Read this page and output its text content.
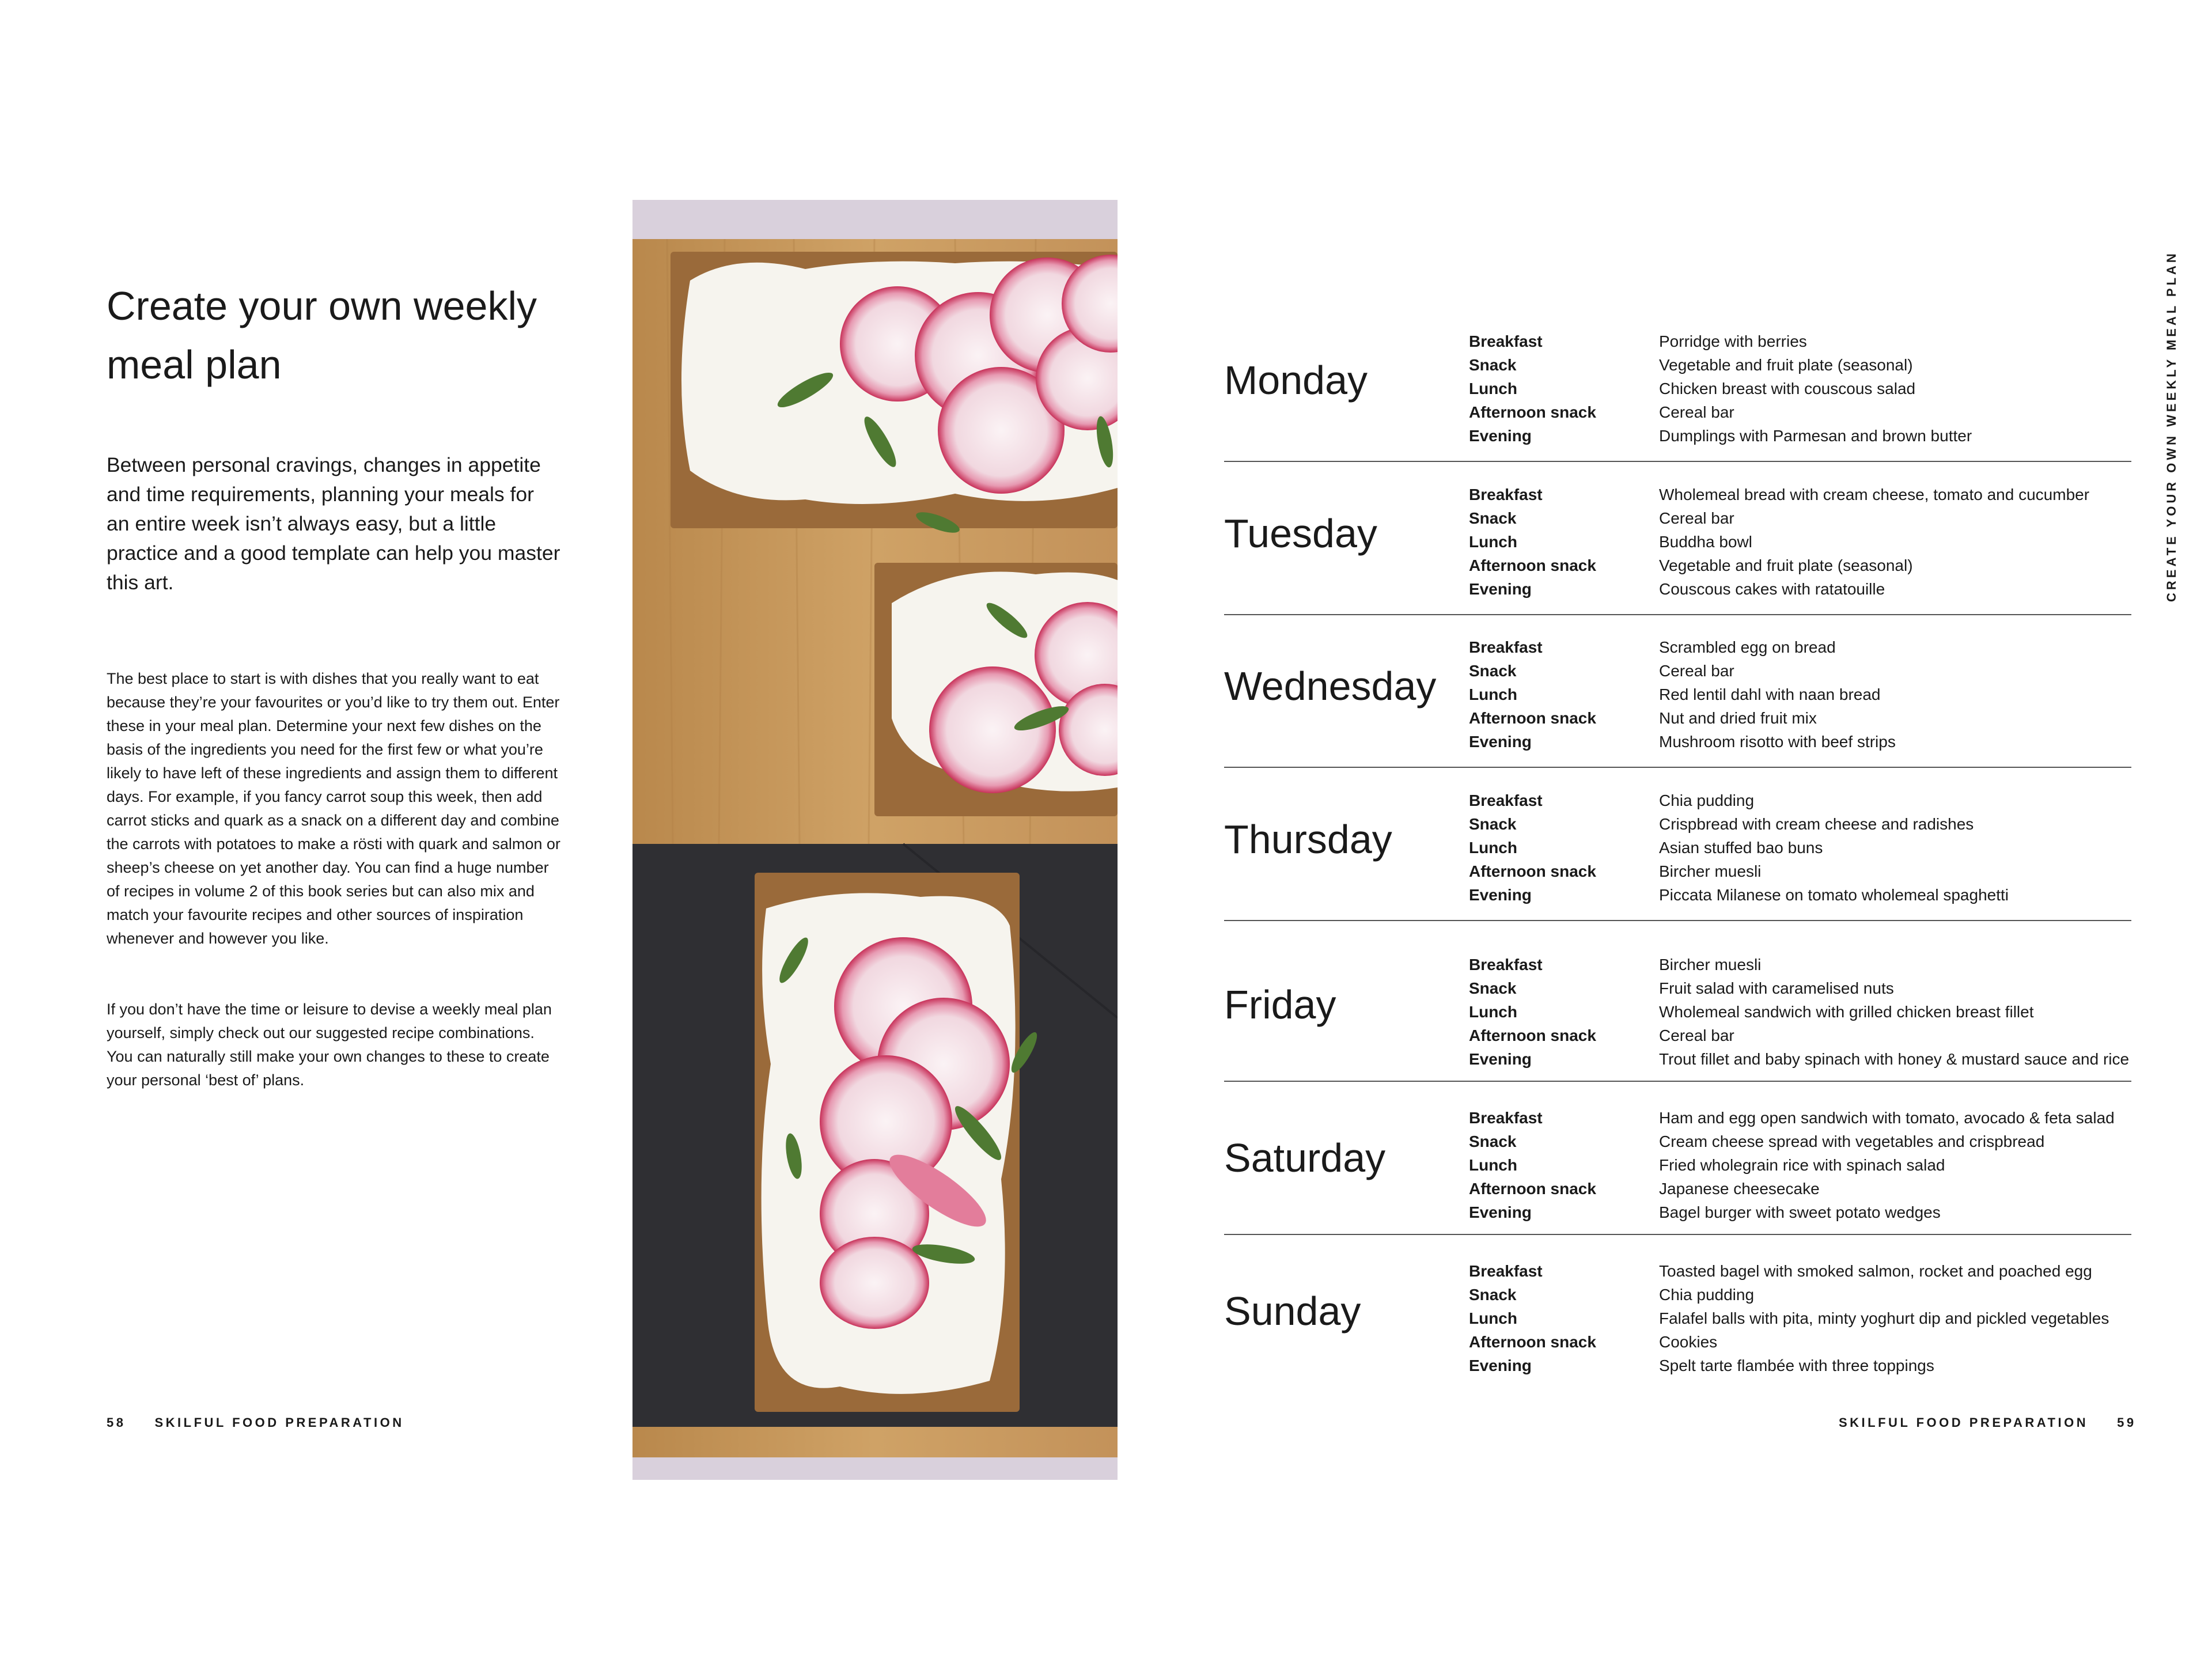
Create your own weekly
meal plan
Between personal cravings, changes in appetite and time requirements, planning your meals for an entire week isn’t always easy, but a little practice and a good template can help you master this art.
The best place to start is with dishes that you really want to eat because they’re your favourites or you’d like to try them out. Enter these in your meal plan. Determine your next few dishes on the basis of the ingredients you need for the first few or what you’re likely to have left of these ingredients and assign them to different days. For example, if you fancy carrot soup this week, then add carrot sticks and quark as a snack on a different day and combine the carrots with potatoes to make a rösti with quark and salmon or sheep’s cheese on yet another day. You can find a huge number of recipes in volume 2 of this book series but can also mix and match your favourite recipes and other sources of inspiration whenever and however you like.
If you don’t have the time or leisure to devise a weekly meal plan yourself, simply check out our suggested recipe combinations. You can naturally still make your own changes to these to create your personal ‘best of’ plans.
58 SKILFUL FOOD PREPARATION
Monday
Breakfast	Porridge with berries
Snack	Vegetable and fruit plate (seasonal)
Lunch	Chicken breast with couscous salad
Afternoon snack	Cereal bar
Evening	Dumplings with Parmesan and brown butter
Tuesday
Breakfast	Wholemeal bread with cream cheese, tomato and cucumber
Snack	Cereal bar
Lunch	Buddha bowl
Afternoon snack	Vegetable and fruit plate (seasonal)
Evening	Couscous cakes with ratatouille
Wednesday
Breakfast	Scrambled egg on bread
Snack	Cereal bar
Lunch	Red lentil dahl with naan bread
Afternoon snack	Nut and dried fruit mix
Evening	Mushroom risotto with beef strips
Thursday
Breakfast	Chia pudding
Snack	Crispbread with cream cheese and radishes
Lunch	Asian stuffed bao buns
Afternoon snack	Bircher muesli
Evening	Piccata Milanese on tomato wholemeal spaghetti
Friday
Breakfast	Bircher muesli
Snack	Fruit salad with caramelised nuts
Lunch	Wholemeal sandwich with grilled chicken breast fillet
Afternoon snack	Cereal bar
Evening	Trout fillet and baby spinach with honey & mustard sauce and rice
Saturday
Breakfast	Ham and egg open sandwich with tomato, avocado & feta salad
Snack	Cream cheese spread with vegetables and crispbread
Lunch	Fried wholegrain rice with spinach salad
Afternoon snack	Japanese cheesecake
Evening	Bagel burger with sweet potato wedges
Sunday
Breakfast	Toasted bagel with smoked salmon, rocket and poached egg
Snack	Chia pudding
Lunch	Falafel balls with pita, minty yoghurt dip and pickled vegetables
Afternoon snack	Cookies
Evening	Spelt tarte flambée with three toppings
CREATE YOUR OWN WEEKLY MEAL PLAN
SKILFUL FOOD PREPARATION 59
